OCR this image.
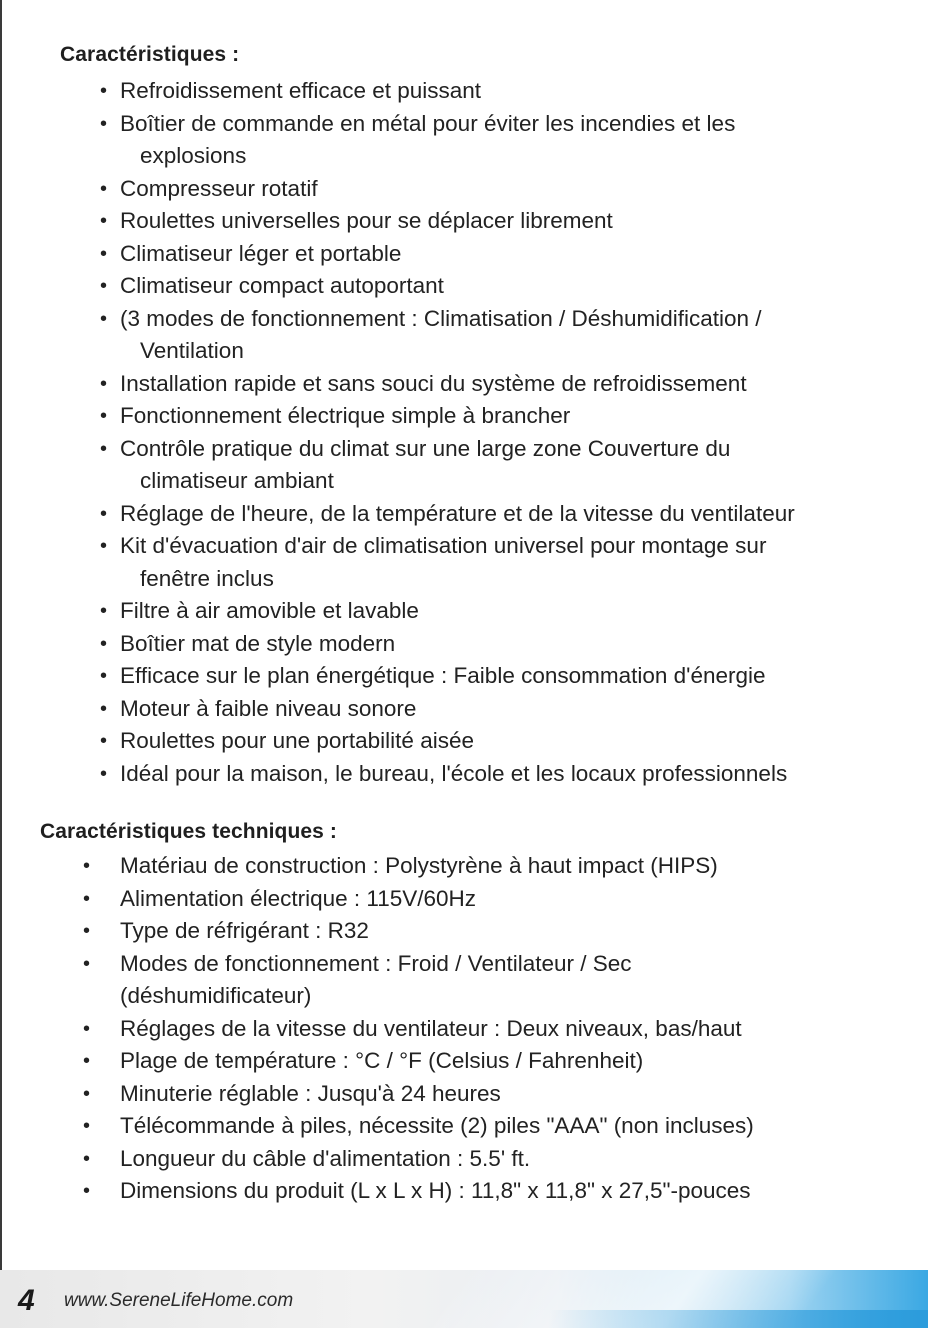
Caractéristiques :
• Refroidissement efficace et puissant
• Boîtier de commande en métal pour éviter les incendies et les
explosions
• Compresseur rotatif
• Roulettes universelles pour se déplacer librement
• Climatiseur léger et portable
• Climatiseur compact autoportant
• (3 modes de fonctionnement : Climatisation / Déshumidification /
Ventilation
• Installation rapide et sans souci du système de refroidissement
• Fonctionnement électrique simple à brancher
• Contrôle pratique du climat sur une large zone Couverture du
climatiseur ambiant
• Réglage de l'heure, de la température et de la vitesse du ventilateur
• Kit d'évacuation d'air de climatisation universel pour montage sur
fenêtre inclus
• Filtre à air amovible et lavable
• Boîtier mat de style modern
• Efficace sur le plan énergétique : Faible consommation d'énergie
• Moteur à faible niveau sonore
• Roulettes pour une portabilité aisée
• Idéal pour la maison, le bureau, l'école et les locaux professionnels
Caractéristiques techniques :
• Matériau de construction : Polystyrène à haut impact (HIPS)
• Alimentation électrique : 115V/60Hz
• Type de réfrigérant : R32
• Modes de fonctionnement : Froid / Ventilateur / Sec
(déshumidificateur)
• Réglages de la vitesse du ventilateur : Deux niveaux, bas/haut
• Plage de température : °C / °F (Celsius / Fahrenheit)
• Minuterie réglable : Jusqu'à 24 heures
• Télécommande à piles, nécessite (2) piles "AAA" (non incluses)
• Longueur du câble d'alimentation : 5.5' ft.
• Dimensions du produit (L x L x H) : 11,8" x 11,8" x 27,5"-pouces
4 www.SereneLifeHome.com
